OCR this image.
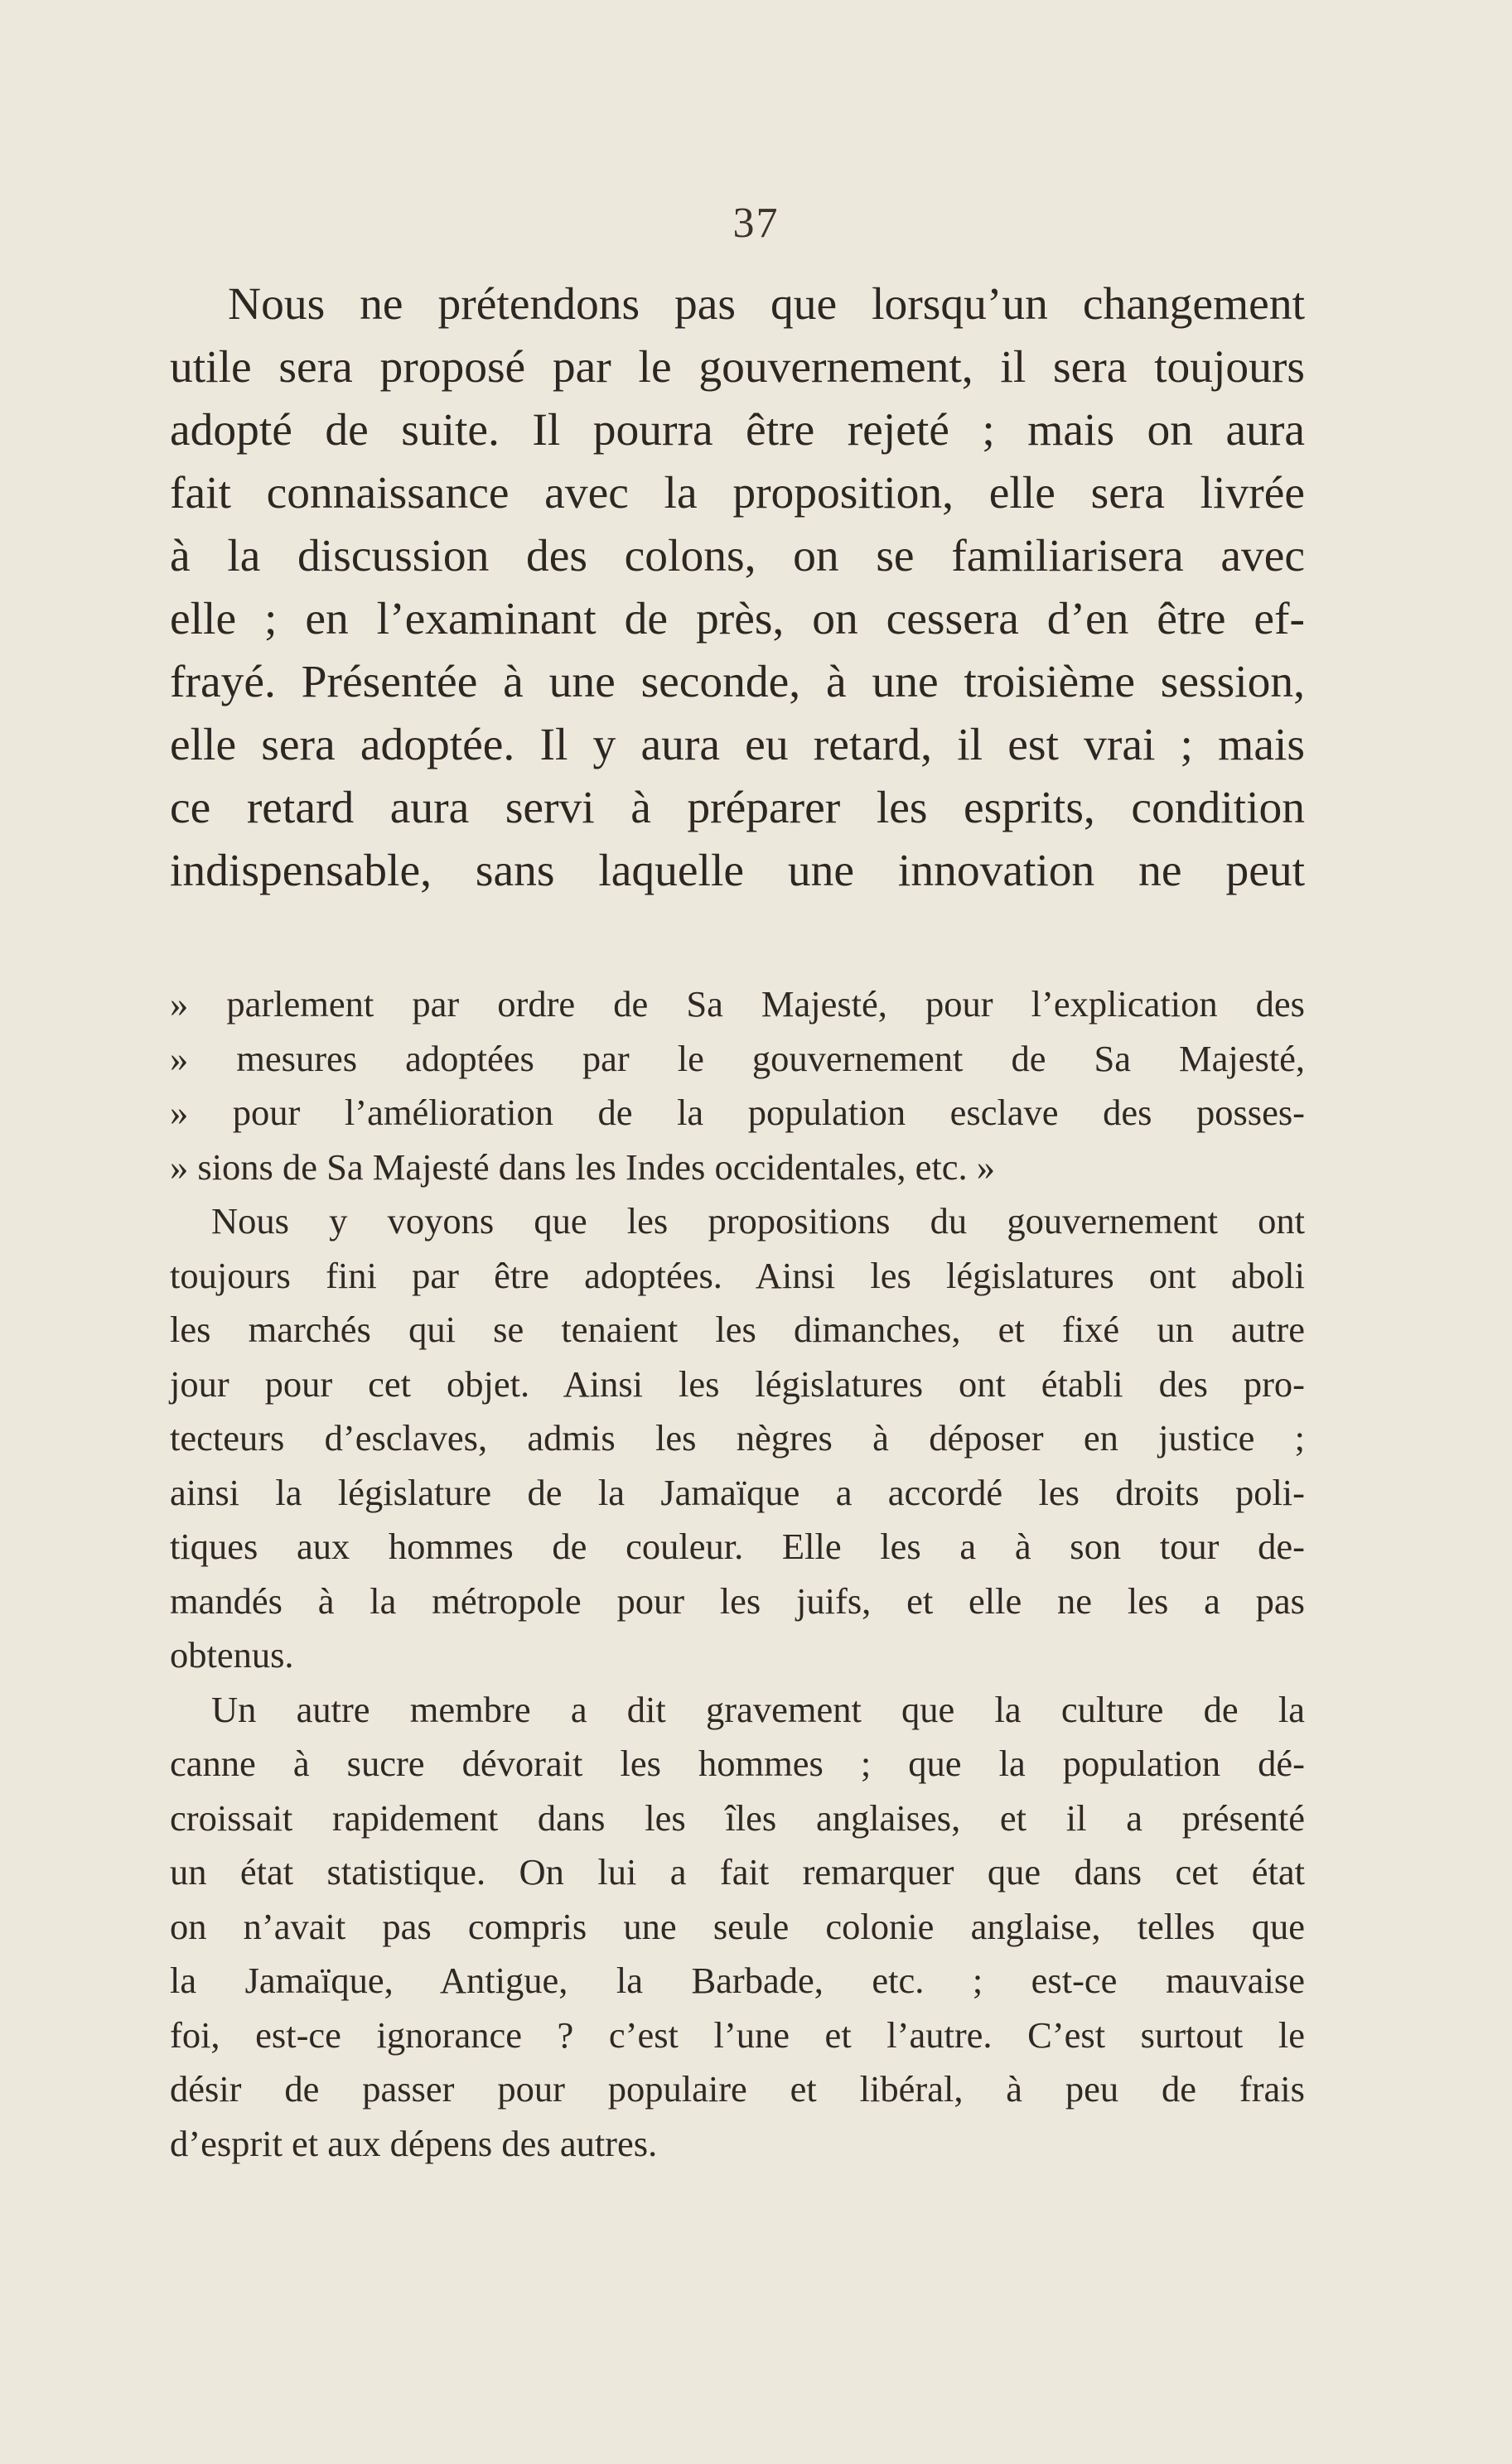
37
Nous ne prétendons pas que lorsqu’un changement
utile sera proposé par le gouvernement, il sera toujours
adopté de suite. Il pourra être rejeté ; mais on aura
fait connaissance avec la proposition, elle sera livrée
à la discussion des colons, on se familiarisera avec
elle ; en l’examinant de près, on cessera d’en être ef-
frayé. Présentée à une seconde, à une troisième session,
elle sera adoptée. Il y aura eu retard, il est vrai ; mais
ce retard aura servi à préparer les esprits, condition
indispensable, sans laquelle une innovation ne peut
» parlement par ordre de Sa Majesté, pour l’explication des
» mesures adoptées par le gouvernement de Sa Majesté,
» pour l’amélioration de la population esclave des posses-
» sions de Sa Majesté dans les Indes occidentales, etc. »
Nous y voyons que les propositions du gouvernement ont
toujours fini par être adoptées. Ainsi les législatures ont aboli
les marchés qui se tenaient les dimanches, et fixé un autre
jour pour cet objet. Ainsi les législatures ont établi des pro-
tecteurs d’esclaves, admis les nègres à déposer en justice ;
ainsi la législature de la Jamaïque a accordé les droits poli-
tiques aux hommes de couleur. Elle les a à son tour de-
mandés à la métropole pour les juifs, et elle ne les a pas
obtenus.
Un autre membre a dit gravement que la culture de la
canne à sucre dévorait les hommes ; que la population dé-
croissait rapidement dans les îles anglaises, et il a présenté
un état statistique. On lui a fait remarquer que dans cet état
on n’avait pas compris une seule colonie anglaise, telles que
la Jamaïque, Antigue, la Barbade, etc. ; est-ce mauvaise
foi, est-ce ignorance ? c’est l’une et l’autre. C’est surtout le
désir de passer pour populaire et libéral, à peu de frais
d’esprit et aux dépens des autres.
